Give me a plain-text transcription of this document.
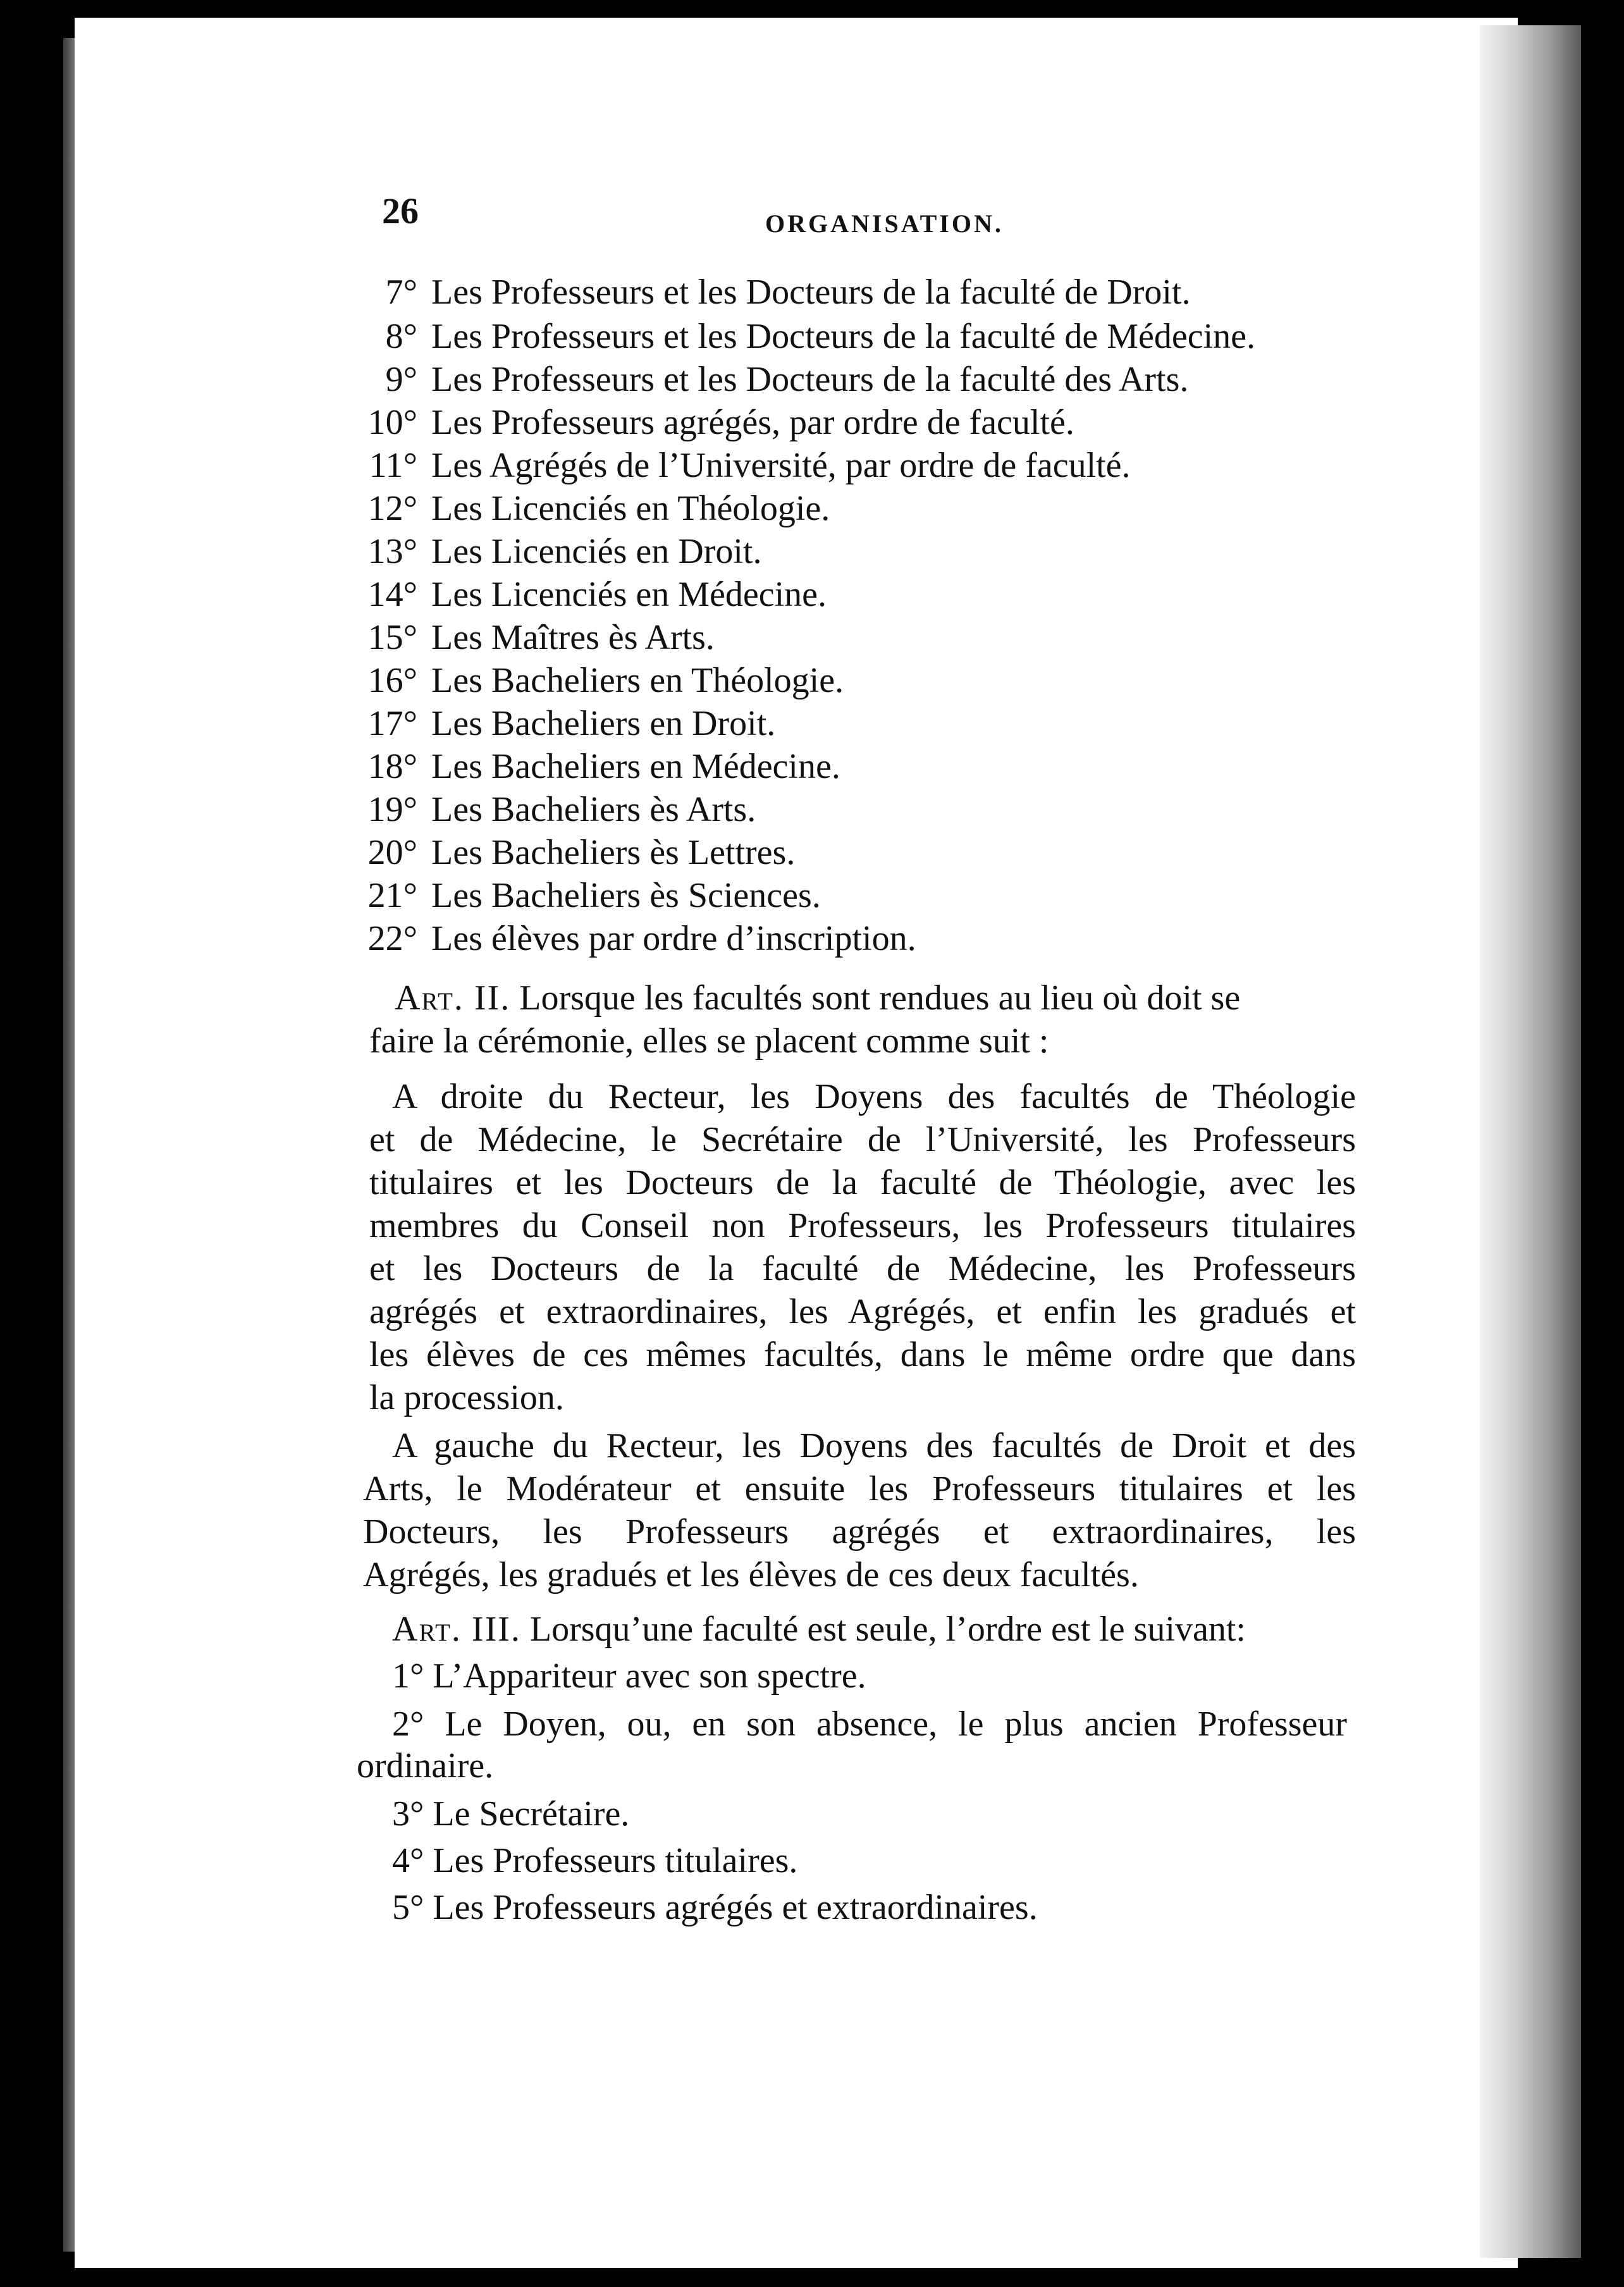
26	ORGANISATION.
7° Les Professeurs et les Docteurs de la faculté de Droit.
8° Les Professeurs et les Docteurs de la faculté de Médecine.
9° Les Professeurs et les Docteurs de la faculté des Arts.
10° Les Professeurs agrégés, par ordre de faculté.
11° Les Agrégés de l’Université, par ordre de faculté.
12° Les Licenciés en Théologie.
13° Les Licenciés en Droit.
14° Les Licenciés en Médecine.
15° Les Maîtres ès Arts.
16° Les Bacheliers en Théologie.
17° Les Bacheliers en Droit.
18° Les Bacheliers en Médecine.
19° Les Bacheliers ès Arts.
20° Les Bacheliers ès Lettres.
21° Les Bacheliers ès Sciences.
22° Les élèves par ordre d’inscription.
Art. II. Lorsque les facultés sont rendues au lieu où doit se
faire la cérémonie, elles se placent comme suit :
A droite du Recteur, les Doyens des facultés de Théologie
et de Médecine, le Secrétaire de l’Université, les Professeurs
titulaires et les Docteurs de la faculté de Théologie, avec les
membres du Conseil non Professeurs, les Professeurs titulaires
et les Docteurs de la faculté de Médecine, les Professeurs
agrégés et extraordinaires, les Agrégés, et enfin les gradués et
les élèves de ces mêmes facultés, dans le même ordre que dans
la procession.
A gauche du Recteur, les Doyens des facultés de Droit et des
Arts, le Modérateur et ensuite les Professeurs titulaires et les
Docteurs, les Professeurs agrégés et extraordinaires, les
Agrégés, les gradués et les élèves de ces deux facultés.
Art. III. Lorsqu’une faculté est seule, l’ordre est le suivant:
1° L’Appariteur avec son spectre.
2° Le Doyen, ou, en son absence, le plus ancien Professeur
ordinaire.
3° Le Secrétaire.
4° Les Professeurs titulaires.
5° Les Professeurs agrégés et extraordinaires.
